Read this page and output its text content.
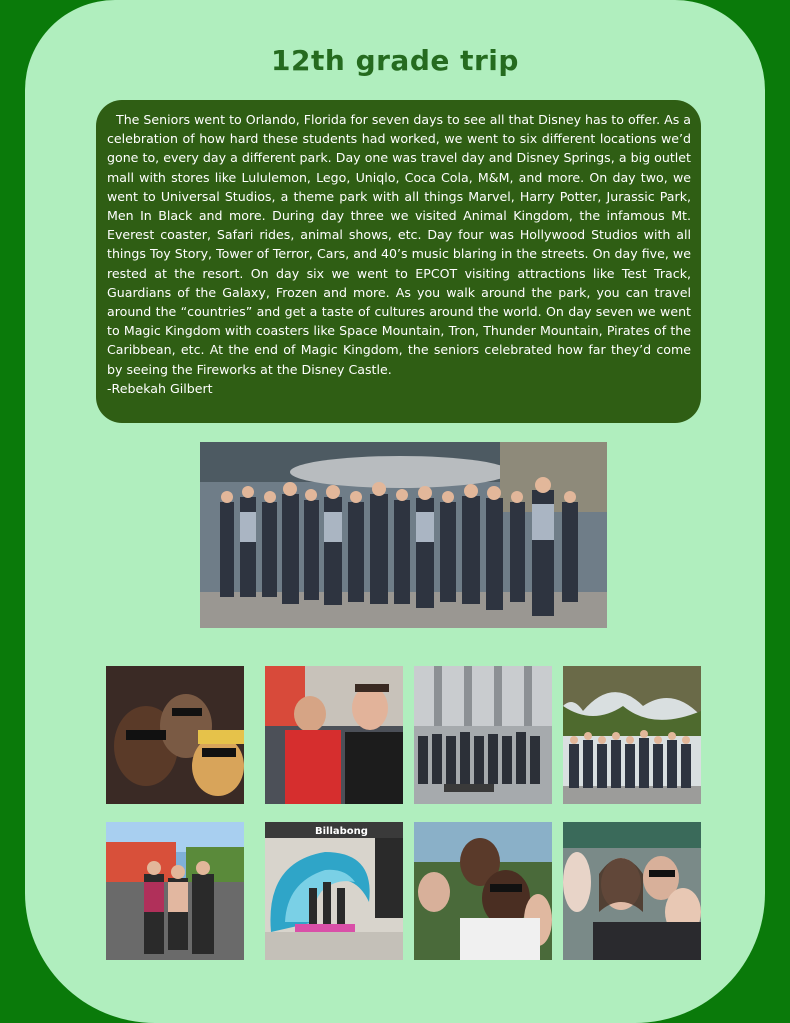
12th grade trip

The Seniors went to Orlando, Florida for seven days to see all that Disney has to offer. As a celebration of how hard these students had worked, we went to six different locations we’d gone to, every day a different park. Day one was travel day and Disney Springs, a big outlet mall with stores like Lululemon, Lego, Uniqlo, Coca Cola, M&M, and more. On day two, we went to Universal Studios, a theme park with all things Marvel, Harry Potter, Jurassic Park, Men In Black and more. During day three we visited Animal Kingdom, the infamous Mt. Everest coaster, Safari rides, animal shows, etc. Day four was Hollywood Studios with all things Toy Story, Tower of Terror, Cars, and 40’s music blaring in the streets. On day five, we rested at the resort. On day six we went to EPCOT visiting attractions like Test Track, Guardians of the Galaxy, Frozen and more. As you walk around the park, you can travel around the “countries” and get a taste of cultures around the world. On day seven we went to Magic Kingdom with coasters like Space Mountain, Tron, Thunder Mountain, Pirates of the Caribbean, etc. At the end of Magic Kingdom, the seniors celebrated how far they’d come by seeing the Fireworks at the Disney Castle.

-Rebekah Gilbert

Billabong
